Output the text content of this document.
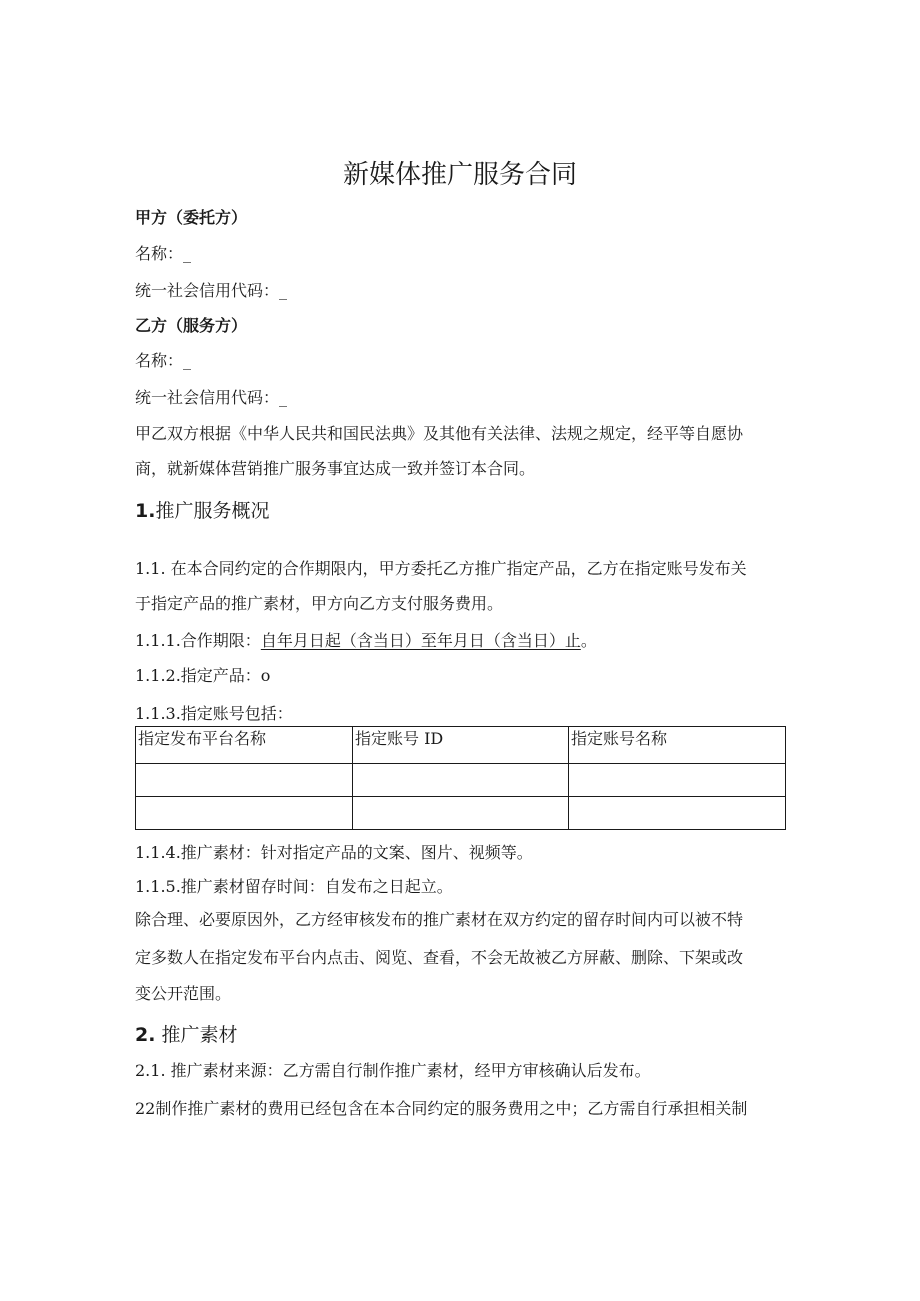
新媒体推广服务合同
甲方（委托方）
名称：_
统一社会信用代码：_
乙方（服务方）
名称：_
统一社会信用代码：_
甲乙双方根据《中华人民共和国民法典》及其他有关法律、法规之规定，经平等自愿协
商，就新媒体营销推广服务事宜达成一致并签订本合同。
1.推广服务概况
1.1. 在本合同约定的合作期限内，甲方委托乙方推广指定产品，乙方在指定账号发布关
于指定产品的推广素材，甲方向乙方支付服务费用。
1.1.1.合作期限：自年月日起（含当日）至年月日（含当日）止。
1.1.2.指定产品：o
1.1.3.指定账号包括：
指定发布平台名称	指定账号 ID	指定账号名称

1.1.4.推广素材：针对指定产品的文案、图片、视频等。
1.1.5.推广素材留存时间：自发布之日起立。
除合理、必要原因外，乙方经审核发布的推广素材在双方约定的留存时间内可以被不特
定多数人在指定发布平台内点击、阅览、查看，不会无故被乙方屏蔽、删除、下架或改
变公开范围。
2. 推广素材
2.1. 推广素材来源：乙方需自行制作推广素材，经甲方审核确认后发布。
22制作推广素材的费用已经包含在本合同约定的服务费用之中；乙方需自行承担相关制
